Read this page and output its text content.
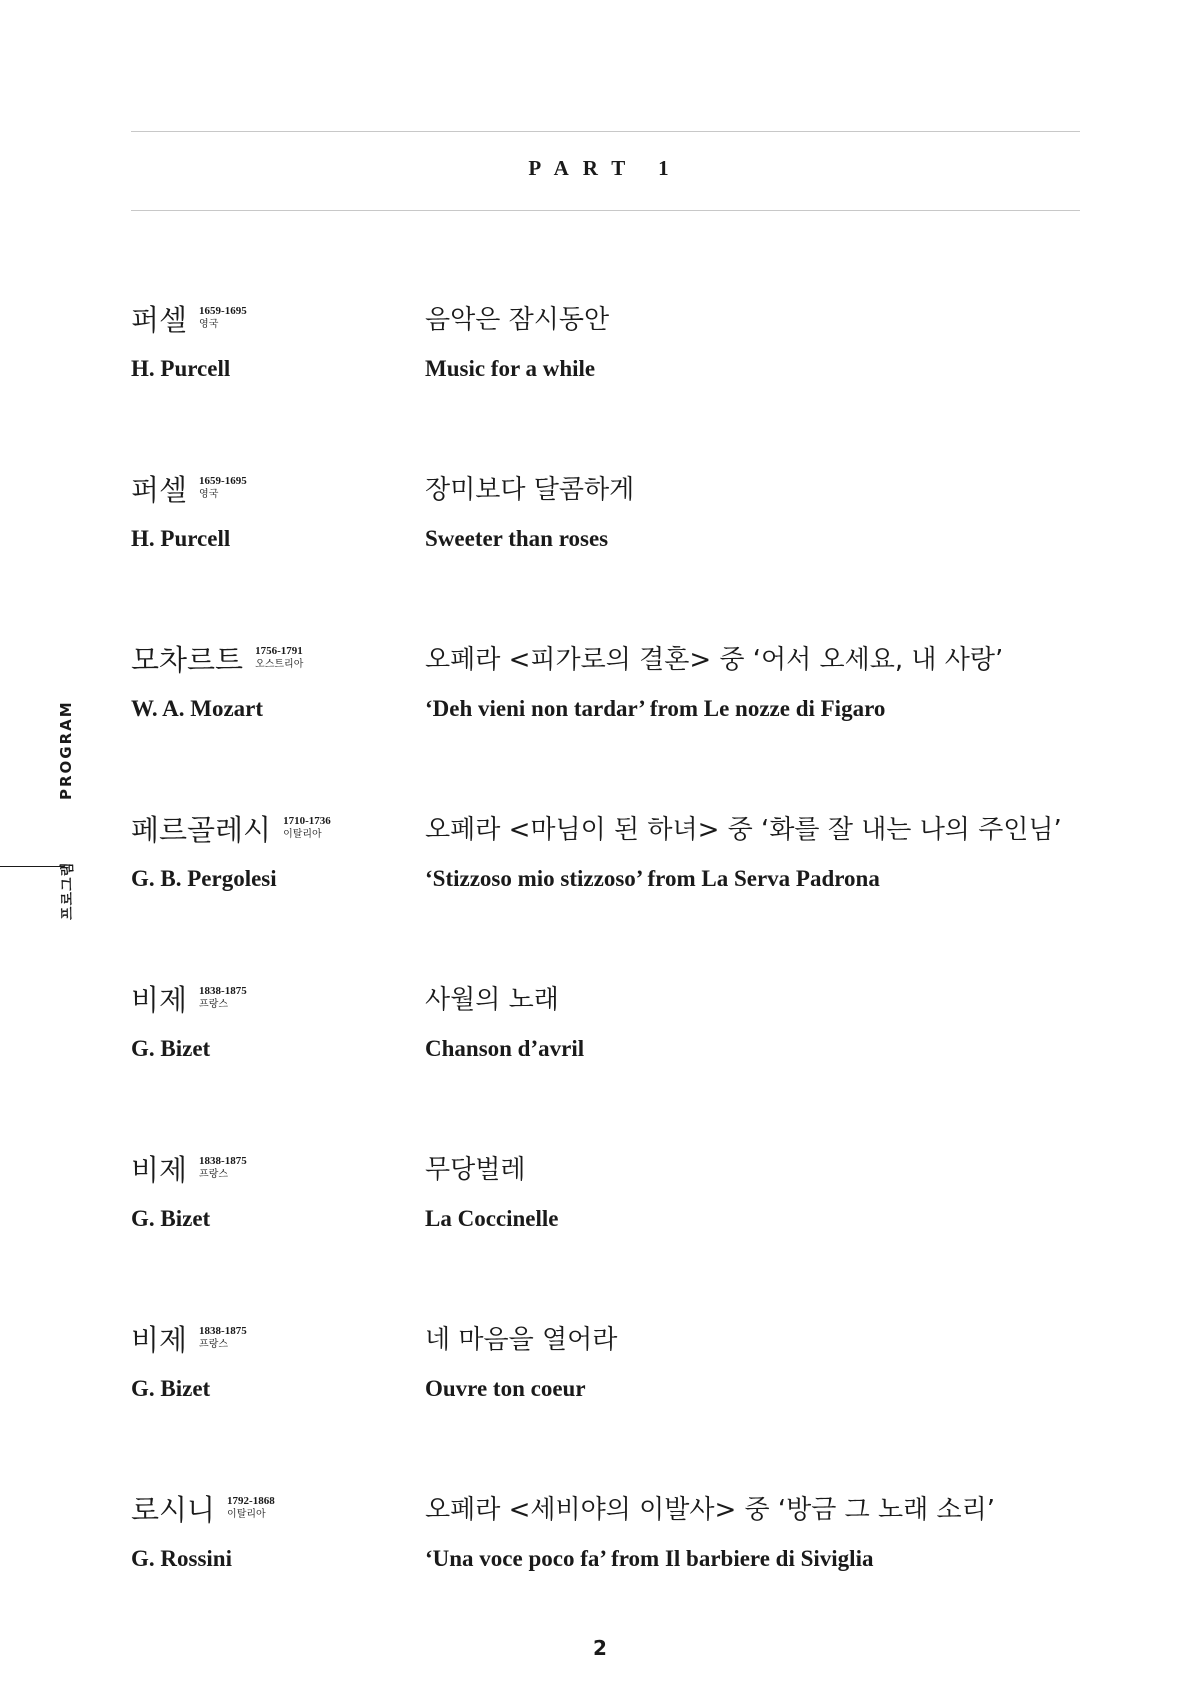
PART 1
PROGRAM
프로그램
퍼셀 1659-1695
영국
H. Purcell
음악은 잠시동안
Music for a while
퍼셀 1659-1695
영국
H. Purcell
장미보다 달콤하게
Sweeter than roses
모차르트 1756-1791
오스트리아
W. A. Mozart
오페라 <피가로의 결혼> 중 ‘어서 오세요, 내 사랑’
‘Deh vieni non tardar’ from Le nozze di Figaro
페르골레시 1710-1736
이탈리아
G. B. Pergolesi
오페라 <마님이 된 하녀> 중 ‘화를 잘 내는 나의 주인님’
‘Stizzoso mio stizzoso’ from La Serva Padrona
비제 1838-1875
프랑스
G. Bizet
사월의 노래
Chanson d’avril
비제 1838-1875
프랑스
G. Bizet
무당벌레
La Coccinelle
비제 1838-1875
프랑스
G. Bizet
네 마음을 열어라
Ouvre ton coeur
로시니 1792-1868
이탈리아
G. Rossini
오페라 <세비야의 이발사> 중 ‘방금 그 노래 소리’
‘Una voce poco fa’ from Il barbiere di Siviglia
2
